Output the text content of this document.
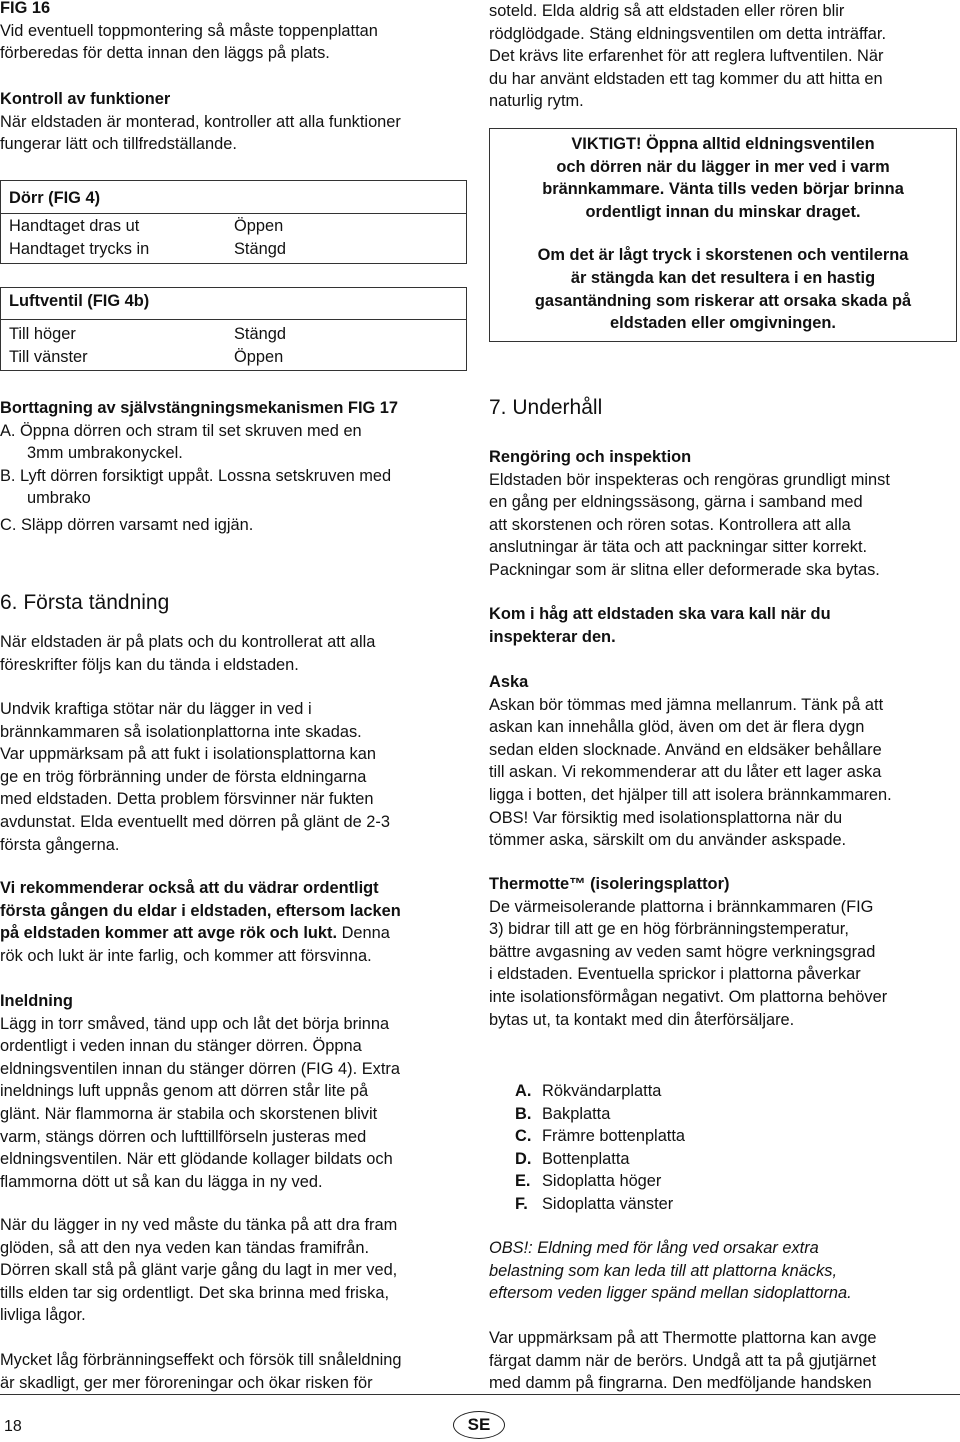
FIG 16

Vid eventuell toppmontering så måste toppenplattan

förberedas för detta innan den läggs på plats.

Kontroll av funktioner

När eldstaden är monterad, kontroller att alla funktioner

fungerar lätt och tillfredställande.

Dörr (FIG 4)
Handtaget dras ut	Öppen
Handtaget trycks in	Stängd
Luftventil (FIG 4b)
Till höger	Stängd
Till vänster	Öppen

Borttagning av självstängningsmekanismen FIG 17

A. Öppna dörren och stram til set skruven med en

3mm umbrakonyckel.

B. Lyft dörren forsiktigt uppåt. Lossna setskruven med

umbrako

C. Släpp dörren varsamt ned igjän.

6. Första tändning

När eldstaden är på plats och du kontrollerat att alla

föreskrifter följs kan du tända i eldstaden.

Undvik kraftiga stötar när du lägger in ved i

brännkammaren så isolationplattorna inte skadas.

Var uppmärksam på att fukt i isolationsplattorna kan

ge en trög förbränning under de första eldningarna

med eldstaden. Detta problem försvinner när fukten

avdunstat. Elda eventuellt med dörren på glänt de 2-3

första gångerna.

Vi rekommenderar också att du vädrar ordentligt

första gången du eldar i eldstaden, eftersom lacken

på eldstaden kommer att avge rök och lukt. Denna

rök och lukt är inte farlig, och kommer att försvinna.

Ineldning

Lägg in torr småved, tänd upp och låt det börja brinna

ordentligt i veden innan du stänger dörren. Öppna

eldningsventilen innan du stänger dörren (FIG 4). Extra

ineldnings luft uppnås genom att dörren står lite på

glänt. När flammorna är stabila och skorstenen blivit

varm, stängs dörren och lufttillförseln justeras med

eldningsventilen. När ett glödande kollager bildats och

flammorna dött ut så kan du lägga in ny ved.

När du lägger in ny ved måste du tänka på att dra fram

glöden, så att den nya veden kan tändas framifrån.

Dörren skall stå på glänt varje gång du lagt in mer ved,

tills elden tar sig ordentligt. Det ska brinna med friska,

livliga lågor.

Mycket låg förbränningseffekt och försök till snåleldning

är skadligt, ger mer föroreningar och ökar risken för

soteld. Elda aldrig så att eldstaden eller rören blir

rödglödgade. Stäng eldningsventilen om detta inträffar.

Det krävs lite erfarenhet för att reglera luftventilen. När

du har använt eldstaden ett tag kommer du att hitta en

naturlig rytm.

VIKTIGT! Öppna alltid eldningsventilen

och dörren när du lägger in mer ved i varm

brännkammare. Vänta tills veden börjar brinna

ordentligt innan du minskar draget.

Om det är lågt tryck i skorstenen och ventilerna

är stängda kan det resultera i en hastig

gasantändning som riskerar att orsaka skada på

eldstaden eller omgivningen.

7. Underhåll

Rengöring och inspektion

Eldstaden bör inspekteras och rengöras grundligt minst

en gång per eldningssäsong, gärna i samband med

att skorstenen och rören sotas. Kontrollera att alla

anslutningar är täta och att packningar sitter korrekt.

Packningar som är slitna eller deformerade ska bytas.

Kom i håg att eldstaden ska vara kall när du

inspekterar den.

Aska

Askan bör tömmas med jämna mellanrum. Tänk på att

askan kan innehålla glöd, även om det är flera dygn

sedan elden slocknade. Använd en eldsäker behållare

till askan. Vi rekommenderar att du låter ett lager aska

ligga i botten, det hjälper till att isolera brännkammaren.

OBS! Var försiktig med isolationsplattorna när du

tömmer aska, särskilt om du använder askspade.

Thermotte™ (isoleringsplattor)

De värmeisolerande plattorna i brännkammaren (FIG

3) bidrar till att ge en hög förbränningstemperatur,

bättre avgasning av veden samt högre verkningsgrad

i eldstaden. Eventuella sprickor i plattorna påverkar

inte isolationsförmågan negativt. Om plattorna behöver

bytas ut, ta kontakt med din återförsäljare.

A. Rökvändarplatta
B. Bakplatta
C. Främre bottenplatta
D. Bottenplatta
E. Sidoplatta höger
F. Sidoplatta vänster

OBS!: Eldning med för lång ved orsakar extra

belastning som kan leda till att plattorna knäcks,

eftersom veden ligger spänd mellan sidoplattorna.

Var uppmärksam på att Thermotte plattorna kan avge

färgat damm när de berörs. Undgå att ta på gjutjärnet

med damm på fingrarna. Den medföljande handsken

18	SE
